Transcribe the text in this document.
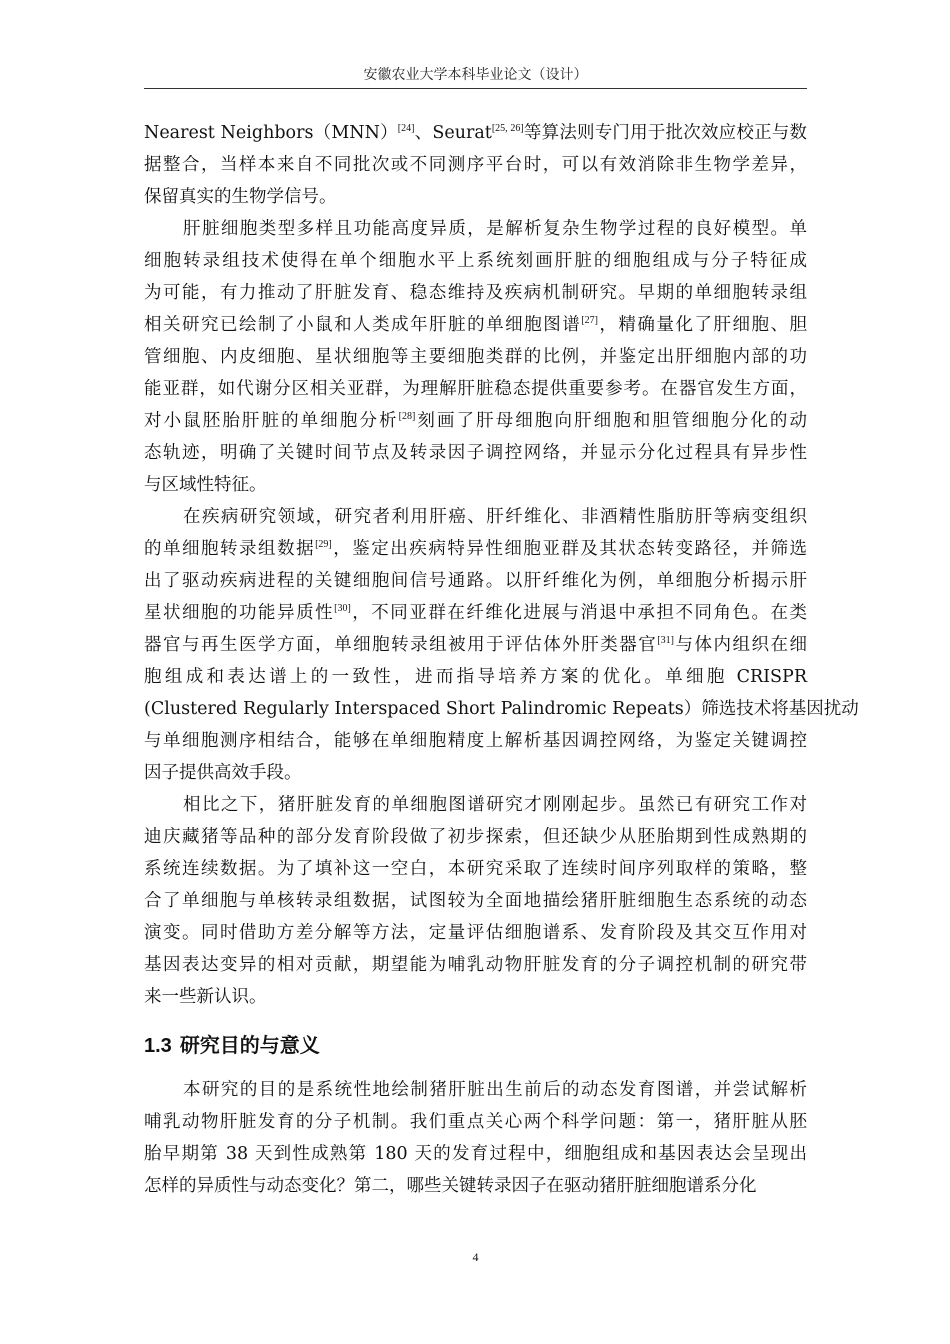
安徽农业大学本科毕业论文（设计）

Nearest Neighbors（MNN）[24]、Seurat[25, 26]等算法则专门用于批次效应校正与数
据整合，当样本来自不同批次或不同测序平台时，可以有效消除非生物学差异，
保留真实的生物学信号。

肝脏细胞类型多样且功能高度异质，是解析复杂生物学过程的良好模型。单
细胞转录组技术使得在单个细胞水平上系统刻画肝脏的细胞组成与分子特征成
为可能，有力推动了肝脏发育、稳态维持及疾病机制研究。早期的单细胞转录组
相关研究已绘制了小鼠和人类成年肝脏的单细胞图谱[27]，精确量化了肝细胞、胆
管细胞、内皮细胞、星状细胞等主要细胞类群的比例，并鉴定出肝细胞内部的功
能亚群，如代谢分区相关亚群，为理解肝脏稳态提供重要参考。在器官发生方面，
对小鼠胚胎肝脏的单细胞分析[28]刻画了肝母细胞向肝细胞和胆管细胞分化的动
态轨迹，明确了关键时间节点及转录因子调控网络，并显示分化过程具有异步性
与区域性特征。

在疾病研究领域，研究者利用肝癌、肝纤维化、非酒精性脂肪肝等病变组织
的单细胞转录组数据[29]，鉴定出疾病特异性细胞亚群及其状态转变路径，并筛选
出了驱动疾病进程的关键细胞间信号通路。以肝纤维化为例，单细胞分析揭示肝
星状细胞的功能异质性[30]，不同亚群在纤维化进展与消退中承担不同角色。在类
器官与再生医学方面，单细胞转录组被用于评估体外肝类器官[31]与体内组织在细
胞组成和表达谱上的一致性，进而指导培养方案的优化。单细胞 CRISPR
(Clustered Regularly Interspaced Short Palindromic Repeats）筛选技术将基因扰动
与单细胞测序相结合，能够在单细胞精度上解析基因调控网络，为鉴定关键调控
因子提供高效手段。

相比之下，猪肝脏发育的单细胞图谱研究才刚刚起步。虽然已有研究工作对
迪庆藏猪等品种的部分发育阶段做了初步探索，但还缺少从胚胎期到性成熟期的
系统连续数据。为了填补这一空白，本研究采取了连续时间序列取样的策略，整
合了单细胞与单核转录组数据，试图较为全面地描绘猪肝脏细胞生态系统的动态
演变。同时借助方差分解等方法，定量评估细胞谱系、发育阶段及其交互作用对
基因表达变异的相对贡献，期望能为哺乳动物肝脏发育的分子调控机制的研究带
来一些新认识。

1.3 研究目的与意义

本研究的目的是系统性地绘制猪肝脏出生前后的动态发育图谱，并尝试解析
哺乳动物肝脏发育的分子机制。我们重点关心两个科学问题：第一，猪肝脏从胚
胎早期第 38 天到性成熟第 180 天的发育过程中，细胞组成和基因表达会呈现出
怎样的异质性与动态变化？第二，哪些关键转录因子在驱动猪肝脏细胞谱系分化

4
